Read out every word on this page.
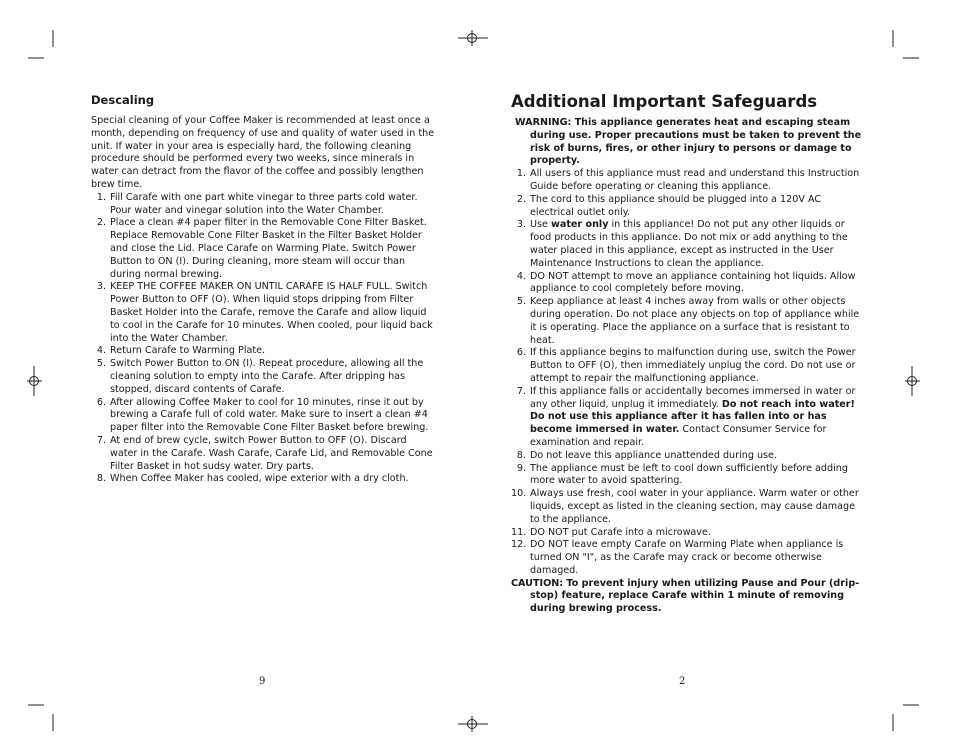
Descaling

Special cleaning of your Coffee Maker is recommended at least once a month, depending on frequency of use and quality of water used in the unit. If water in your area is especially hard, the following cleaning procedure should be performed every two weeks, since minerals in water can detract from the flavor of the coffee and possibly lengthen brew time.

1. Fill Carafe with one part white vinegar to three parts cold water. Pour water and vinegar solution into the Water Chamber.
2. Place a clean #4 paper filter in the Removable Cone Filter Basket. Replace Removable Cone Filter Basket in the Filter Basket Holder and close the Lid. Place Carafe on Warming Plate. Switch Power Button to ON (I). During cleaning, more steam will occur than during normal brewing.
3. KEEP THE COFFEE MAKER ON UNTIL CARAFE IS HALF FULL. Switch Power Button to OFF (O). When liquid stops dripping from Filter Basket Holder into the Carafe, remove the Carafe and allow liquid to cool in the Carafe for 10 minutes. When cooled, pour liquid back into the Water Chamber.
4. Return Carafe to Warming Plate.
5. Switch Power Button to ON (I). Repeat procedure, allowing all the cleaning solution to empty into the Carafe. After dripping has stopped, discard contents of Carafe.
6. After allowing Coffee Maker to cool for 10 minutes, rinse it out by brewing a Carafe full of cold water. Make sure to insert a clean #4 paper filter into the Removable Cone Filter Basket before brewing.
7. At end of brew cycle, switch Power Button to OFF (O). Discard water in the Carafe. Wash Carafe, Carafe Lid, and Removable Cone Filter Basket in hot sudsy water. Dry parts.
8. When Coffee Maker has cooled, wipe exterior with a dry cloth.
9
Additional Important Safeguards

WARNING: This appliance generates heat and escaping steam during use. Proper precautions must be taken to prevent the risk of burns, fires, or other injury to persons or damage to property.

1. All users of this appliance must read and understand this Instruction Guide before operating or cleaning this appliance.
2. The cord to this appliance should be plugged into a 120V AC electrical outlet only.
3. Use water only in this appliance! Do not put any other liquids or food products in this appliance. Do not mix or add anything to the water placed in this appliance, except as instructed in the User Maintenance Instructions to clean the appliance.
4. DO NOT attempt to move an appliance containing hot liquids. Allow appliance to cool completely before moving.
5. Keep appliance at least 4 inches away from walls or other objects during operation. Do not place any objects on top of appliance while it is operating. Place the appliance on a surface that is resistant to heat.
6. If this appliance begins to malfunction during use, switch the Power Button to OFF (O), then immediately unplug the cord. Do not use or attempt to repair the malfunctioning appliance.
7. If this appliance falls or accidentally becomes immersed in water or any other liquid, unplug it immediately. Do not reach into water! Do not use this appliance after it has fallen into or has become immersed in water. Contact Consumer Service for examination and repair.
8. Do not leave this appliance unattended during use.
9. The appliance must be left to cool down sufficiently before adding more water to avoid spattering.
10. Always use fresh, cool water in your appliance. Warm water or other liquids, except as listed in the cleaning section, may cause damage to the appliance.
11. DO NOT put Carafe into a microwave.
12. DO NOT leave empty Carafe on Warming Plate when appliance is turned ON "I", as the Carafe may crack or become otherwise damaged.

CAUTION: To prevent injury when utilizing Pause and Pour (drip-stop) feature, replace Carafe within 1 minute of removing during brewing process.

2
